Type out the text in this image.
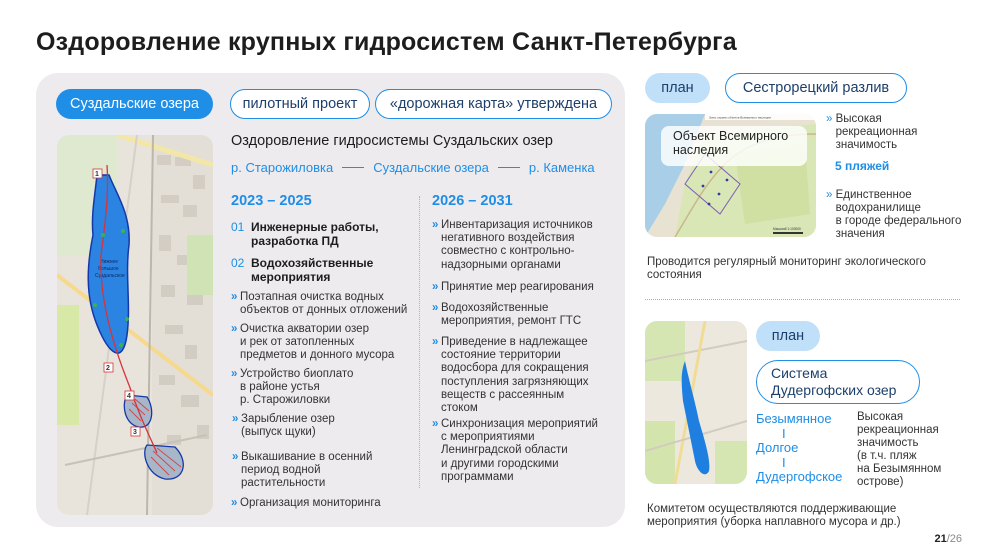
Оздоровление крупных гидросистем Санкт-Петербурга
Суздальские озера	пилотный проект	«дорожная карта» утверждена
Нижнее
большое
Суздальское
1
2
3
4
Оздоровление гидросистемы Суздальских озер
р. Старожиловка	Суздальские озера	р. Каменка
2023 – 2025	2026 – 2031
01 Инженерные работы,
разработка ПД
02 Водохозяйственные
мероприятия
» Поэтапная очистка водных
объектов от донных отложений
» Очистка акватории озер
и рек от затопленных
предметов и донного мусора
» Устройство биоплато
в районе устья
р. Старожиловки
» Зарыбление озер
(выпуск щуки)
» Выкашивание в осенний
период водной
растительности
» Организация мониторинга
» Инвентаризация источников
негативного воздействия
совместно с контрольно-
надзорными органами
» Принятие мер реагирования
» Водохозяйственные
мероприятия, ремонт ГТС
» Приведение в надлежащее
состояние территории
водосбора для сокращения
поступления загрязняющих
веществ с рассеянным
стоком
» Синхронизация мероприятий
с мероприятиями
Ленинградской области
и другими городскими
программами
план	Сестрорецкий разлив
Зоны охраны объекта Всемирного наследия
Масштаб 1:100000
Объект Всемирного
наследия
» Высокая
рекреационная
значимость
5 пляжей
» Единственное
водохранилище
в городе федерального
значения
Проводится регулярный мониторинг экологического
состояния
план
Система
Дудергофских озер
Безымянное
I
Долгое
I
Дудергофское
Высокая
рекреационная
значимость
(в т.ч. пляж
на Безымянном
острове)
Комитетом осуществляются поддерживающие
мероприятия (уборка наплавного мусора и др.)
21/26
